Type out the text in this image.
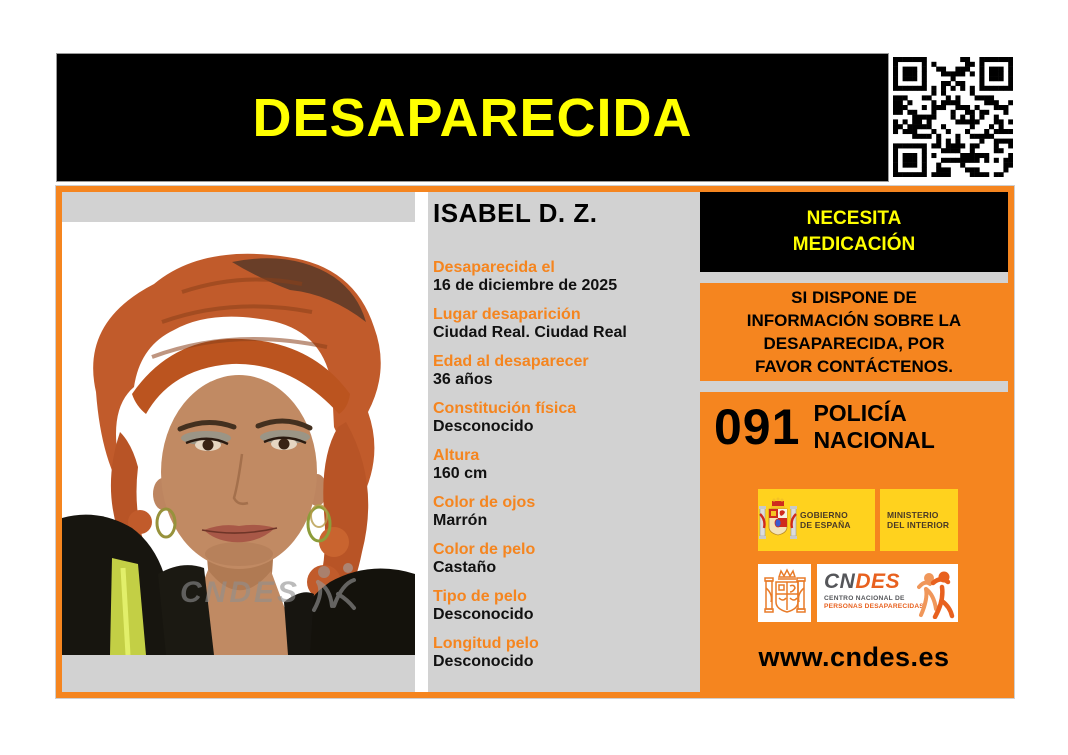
DESAPARECIDA
CNDES
ISABEL D. Z.
Desaparecida el
16 de diciembre de 2025
Lugar desaparición
Ciudad Real. Ciudad Real
Edad al desaparecer
36 años
Constitución física
Desconocido
Altura
160 cm
Color de ojos
Marrón
Color de pelo
Castaño
Tipo de pelo
Desconocido
Longitud pelo
Desconocido
NECESITA
MEDICACIÓN
SI DISPONE DE
INFORMACIÓN SOBRE LA
DESAPARECIDA, POR
FAVOR CONTÁCTENOS.
091 POLICÍA
NACIONAL
GOBIERNO
DE ESPAÑA
MINISTERIO
DEL INTERIOR
CNDES
CENTRO NACIONAL DE
PERSONAS DESAPARECIDAS
www.cndes.es
